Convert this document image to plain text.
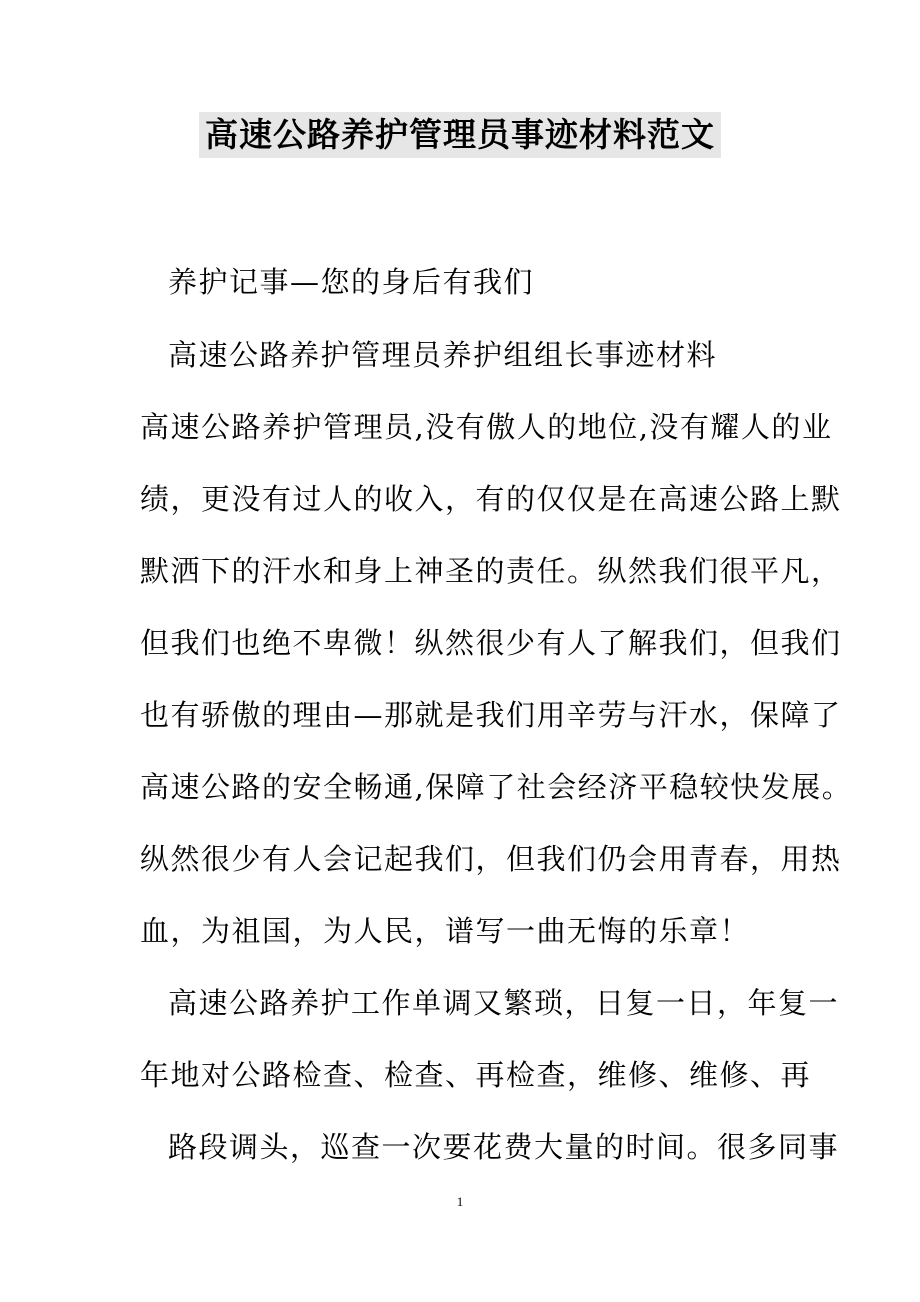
高速公路养护管理员事迹材料范文
养护记事—您的身后有我们
高速公路养护管理员养护组组长事迹材料
高速公路养护管理员,没有傲人的地位,没有耀人的业
绩，更没有过人的收入，有的仅仅是在高速公路上默
默洒下的汗水和身上神圣的责任。纵然我们很平凡，
但我们也绝不卑微！纵然很少有人了解我们，但我们
也有骄傲的理由—那就是我们用辛劳与汗水，保障了
高速公路的安全畅通,保障了社会经济平稳较快发展。
纵然很少有人会记起我们，但我们仍会用青春，用热
血，为祖国，为人民，谱写一曲无悔的乐章！
高速公路养护工作单调又繁琐，日复一日，年复一
年地对公路检查、检查、再检查，维修、维修、再
路段调头，巡查一次要花费大量的时间。很多同事
1
